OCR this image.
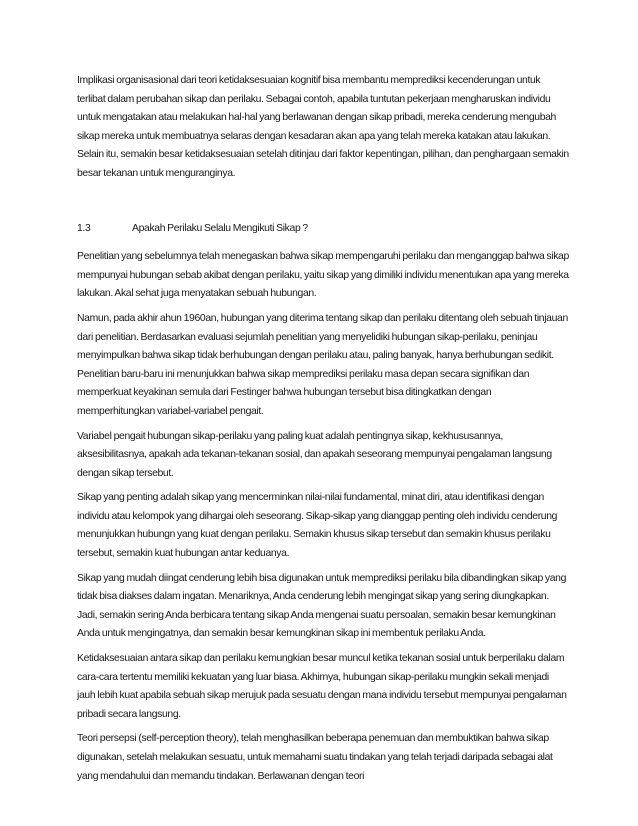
Implikasi organisasional dari teori ketidaksesuaian kognitif bisa membantu memprediksi kecenderungan untuk terlibat dalam perubahan sikap dan perilaku. Sebagai contoh, apabila tuntutan pekerjaan mengharuskan individu untuk mengatakan atau melakukan hal-hal yang berlawanan dengan sikap pribadi, mereka cenderung mengubah sikap mereka untuk membuatnya selaras dengan kesadaran akan apa yang telah mereka katakan atau lakukan. Selain itu, semakin besar ketidaksesuaian setelah ditinjau dari faktor kepentingan, pilihan, dan penghargaan semakin besar tekanan untuk menguranginya.

1.3	Apakah Perilaku Selalu Mengikuti Sikap ?

Penelitian yang sebelumnya telah menegaskan bahwa sikap mempengaruhi perilaku dan menganggap bahwa sikap mempunyai hubungan sebab akibat dengan perilaku, yaitu sikap yang dimiliki individu menentukan apa yang mereka lakukan. Akal sehat juga menyatakan sebuah hubungan.

Namun, pada akhir ahun 1960an, hubungan yang diterima tentang sikap dan perilaku ditentang oleh sebuah tinjauan dari penelitian. Berdasarkan evaluasi sejumlah penelitian yang menyelidiki hubungan sikap-perilaku, peninjau menyimpulkan bahwa sikap tidak berhubungan dengan perilaku atau, paling banyak, hanya berhubungan sedikit. Penelitian baru-baru ini menunjukkan bahwa sikap memprediksi perilaku masa depan secara signifikan dan memperkuat keyakinan semula dari Festinger bahwa hubungan tersebut bisa ditingkatkan dengan memperhitungkan variabel-variabel pengait.

Variabel pengait hubungan sikap-perilaku yang paling kuat adalah pentingnya sikap, kekhususannya, aksesibilitasnya, apakah ada tekanan-tekanan sosial, dan apakah seseorang mempunyai pengalaman langsung dengan sikap tersebut.

Sikap yang penting adalah sikap yang mencerminkan nilai-nilai fundamental, minat diri, atau identifikasi dengan individu atau kelompok yang dihargai oleh seseorang. Sikap-sikap yang dianggap penting oleh individu cenderung menunjukkan hubungn yang kuat dengan perilaku. Semakin khusus sikap tersebut dan semakin khusus perilaku tersebut, semakin kuat hubungan antar keduanya.

Sikap yang mudah diingat cenderung lebih bisa digunakan untuk memprediksi perilaku bila dibandingkan sikap yang tidak bisa diakses dalam ingatan. Menariknya, Anda cenderung lebih mengingat sikap yang sering diungkapkan. Jadi, semakin sering Anda berbicara tentang sikap Anda mengenai suatu persoalan, semakin besar kemungkinan Anda untuk mengingatnya, dan semakin besar kemungkinan sikap ini membentuk perilaku Anda.

Ketidaksesuaian antara sikap dan perilaku kemungkian besar muncul ketika tekanan sosial untuk berperilaku dalam cara-cara tertentu memiliki kekuatan yang luar biasa. Akhirnya, hubungan sikap-perilaku mungkin sekali menjadi jauh lebih kuat apabila sebuah sikap merujuk pada sesuatu dengan mana individu tersebut mempunyai pengalaman pribadi secara langsung.

Teori persepsi (self-perception theory), telah menghasilkan beberapa penemuan dan membuktikan bahwa sikap digunakan, setelah melakukan sesuatu, untuk memahami suatu tindakan yang telah terjadi daripada sebagai alat yang mendahului dan memandu tindakan. Berlawanan dengan teori
